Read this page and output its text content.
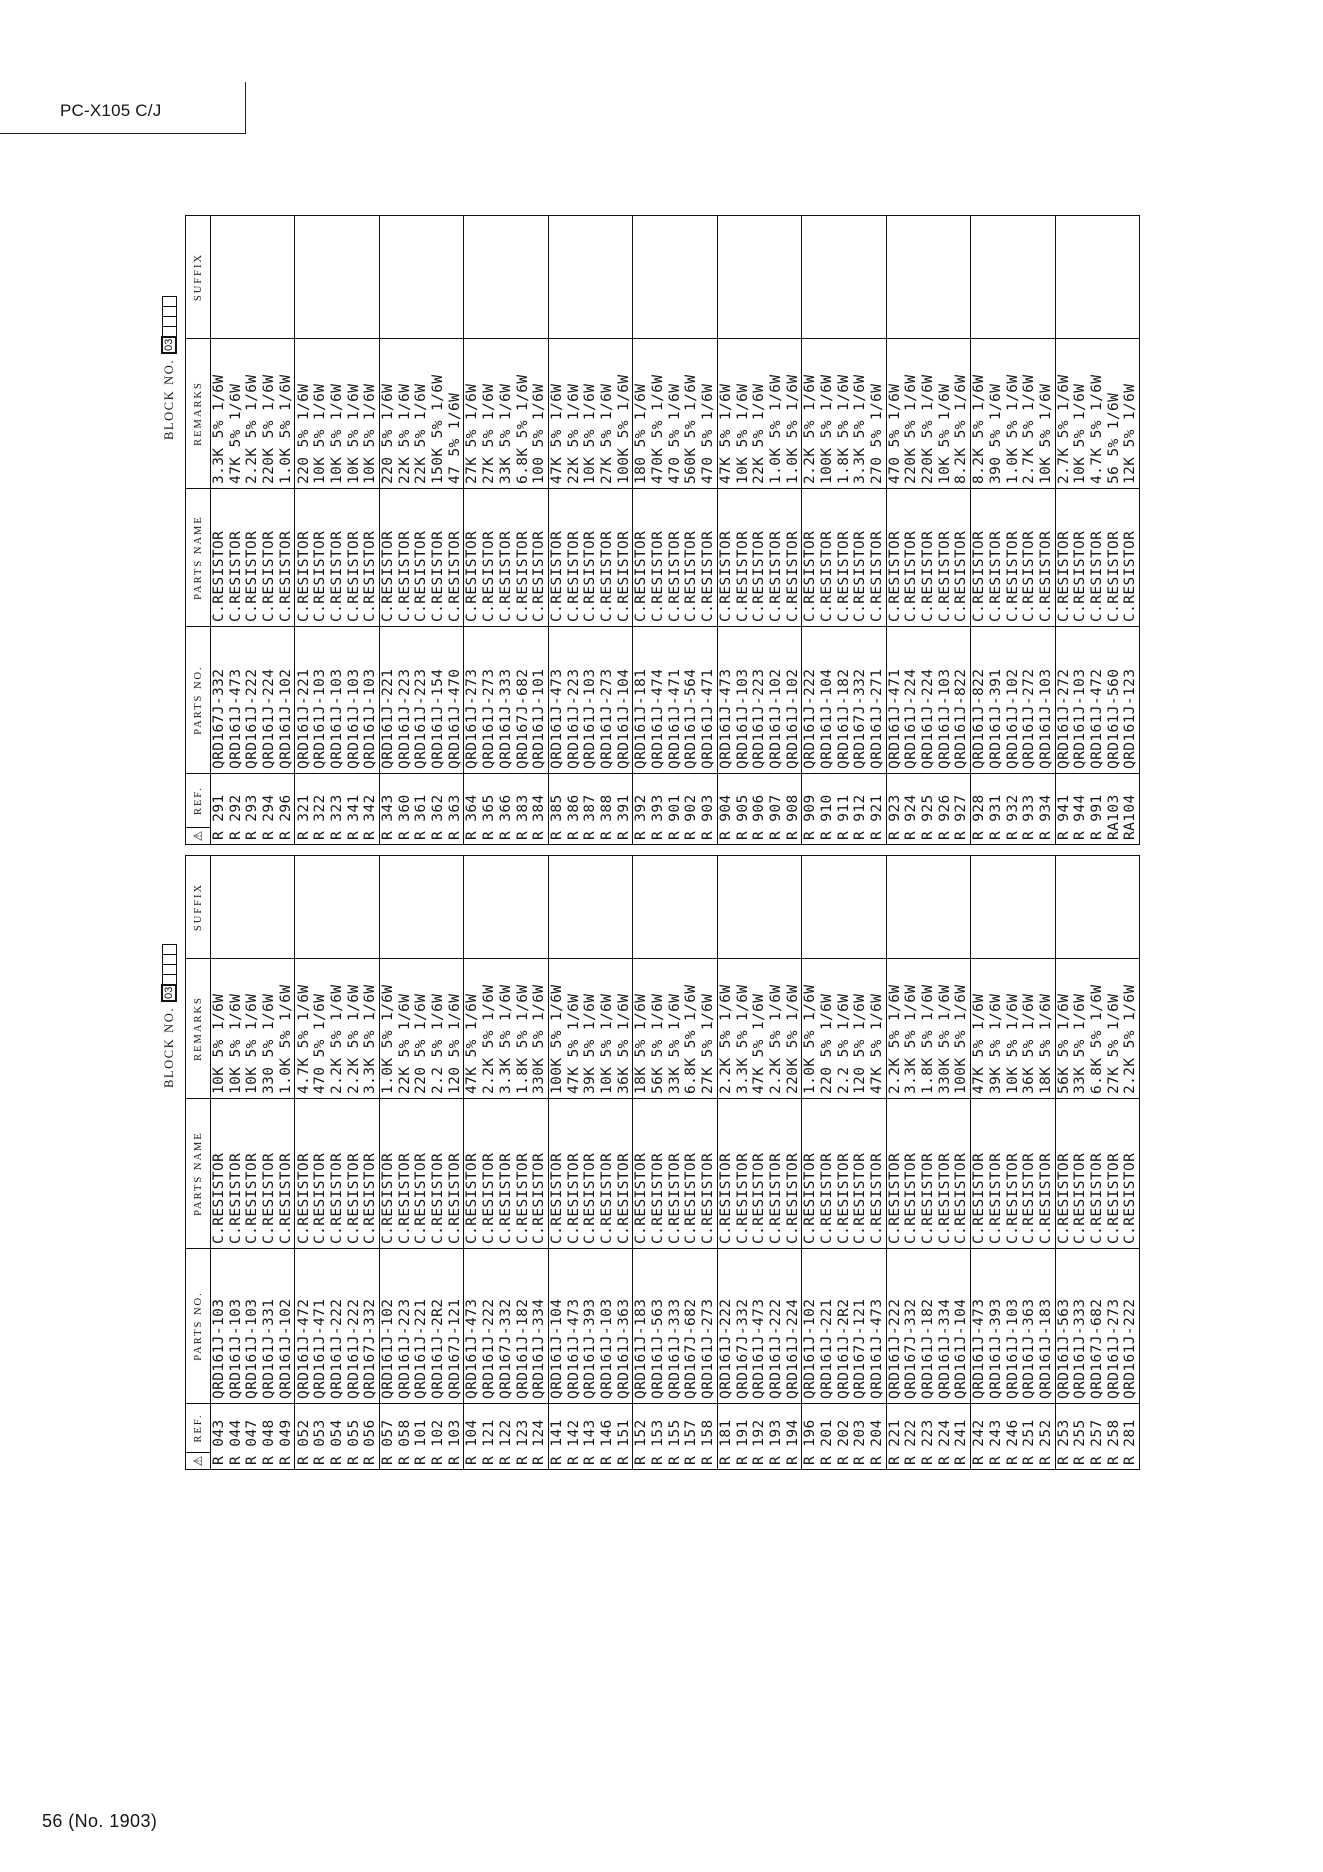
PC-X105 C/J
BLOCK NO.
03
⚠
REF.
PARTS NO.
PARTS NAME
REMARKS
SUFFIX
R 291
QRD167J-332
C.RESISTOR
3.3K 5% 1/6W
R 292
QRD161J-473
C.RESISTOR
47K 5% 1/6W
R 293
QRD161J-222
C.RESISTOR
2.2K 5% 1/6W
R 294
QRD161J-224
C.RESISTOR
220K 5% 1/6W
R 296
QRD161J-102
C.RESISTOR
1.0K 5% 1/6W
R 321
QRD161J-221
C.RESISTOR
220 5% 1/6W
R 322
QRD161J-103
C.RESISTOR
10K 5% 1/6W
R 323
QRD161J-103
C.RESISTOR
10K 5% 1/6W
R 341
QRD161J-103
C.RESISTOR
10K 5% 1/6W
R 342
QRD161J-103
C.RESISTOR
10K 5% 1/6W
R 343
QRD161J-221
C.RESISTOR
220 5% 1/6W
R 360
QRD161J-223
C.RESISTOR
22K 5% 1/6W
R 361
QRD161J-223
C.RESISTOR
22K 5% 1/6W
R 362
QRD161J-154
C.RESISTOR
150K 5% 1/6W
R 363
QRD161J-470
C.RESISTOR
47 5% 1/6W
R 364
QRD161J-273
C.RESISTOR
27K 5% 1/6W
R 365
QRD161J-273
C.RESISTOR
27K 5% 1/6W
R 366
QRD161J-333
C.RESISTOR
33K 5% 1/6W
R 383
QRD167J-682
C.RESISTOR
6.8K 5% 1/6W
R 384
QRD161J-101
C.RESISTOR
100 5% 1/6W
R 385
QRD161J-473
C.RESISTOR
47K 5% 1/6W
R 386
QRD161J-223
C.RESISTOR
22K 5% 1/6W
R 387
QRD161J-103
C.RESISTOR
10K 5% 1/6W
R 388
QRD161J-273
C.RESISTOR
27K 5% 1/6W
R 391
QRD161J-104
C.RESISTOR
100K 5% 1/6W
R 392
QRD161J-181
C.RESISTOR
180 5% 1/6W
R 393
QRD161J-474
C.RESISTOR
470K 5% 1/6W
R 901
QRD161J-471
C.RESISTOR
470 5% 1/6W
R 902
QRD161J-564
C.RESISTOR
560K 5% 1/6W
R 903
QRD161J-471
C.RESISTOR
470 5% 1/6W
R 904
QRD161J-473
C.RESISTOR
47K 5% 1/6W
R 905
QRD161J-103
C.RESISTOR
10K 5% 1/6W
R 906
QRD161J-223
C.RESISTOR
22K 5% 1/6W
R 907
QRD161J-102
C.RESISTOR
1.0K 5% 1/6W
R 908
QRD161J-102
C.RESISTOR
1.0K 5% 1/6W
R 909
QRD161J-222
C.RESISTOR
2.2K 5% 1/6W
R 910
QRD161J-104
C.RESISTOR
100K 5% 1/6W
R 911
QRD161J-182
C.RESISTOR
1.8K 5% 1/6W
R 912
QRD167J-332
C.RESISTOR
3.3K 5% 1/6W
R 921
QRD161J-271
C.RESISTOR
270 5% 1/6W
R 923
QRD161J-471
C.RESISTOR
470 5% 1/6W
R 924
QRD161J-224
C.RESISTOR
220K 5% 1/6W
R 925
QRD161J-224
C.RESISTOR
220K 5% 1/6W
R 926
QRD161J-103
C.RESISTOR
10K 5% 1/6W
R 927
QRD161J-822
C.RESISTOR
8.2K 5% 1/6W
R 928
QRD161J-822
C.RESISTOR
8.2K 5% 1/6W
R 931
QRD161J-391
C.RESISTOR
390 5% 1/6W
R 932
QRD161J-102
C.RESISTOR
1.0K 5% 1/6W
R 933
QRD161J-272
C.RESISTOR
2.7K 5% 1/6W
R 934
QRD161J-103
C.RESISTOR
10K 5% 1/6W
R 941
QRD161J-272
C.RESISTOR
2.7K 5% 1/6W
R 944
QRD161J-103
C.RESISTOR
10K 5% 1/6W
R 991
QRD161J-472
C.RESISTOR
4.7K 5% 1/6W
RA103
QRD161J-560
C.RESISTOR
56 5% 1/6W
RA104
QRD161J-123
C.RESISTOR
12K 5% 1/6W
BLOCK NO.
03
⚠
REF.
PARTS NO.
PARTS NAME
REMARKS
SUFFIX
R 043
QRD161J-103
C.RESISTOR
10K 5% 1/6W
R 044
QRD161J-103
C.RESISTOR
10K 5% 1/6W
R 047
QRD161J-103
C.RESISTOR
10K 5% 1/6W
R 048
QRD161J-331
C.RESISTOR
330 5% 1/6W
R 049
QRD161J-102
C.RESISTOR
1.0K 5% 1/6W
R 052
QRD161J-472
C.RESISTOR
4.7K 5% 1/6W
R 053
QRD161J-471
C.RESISTOR
470 5% 1/6W
R 054
QRD161J-222
C.RESISTOR
2.2K 5% 1/6W
R 055
QRD161J-222
C.RESISTOR
2.2K 5% 1/6W
R 056
QRD167J-332
C.RESISTOR
3.3K 5% 1/6W
R 057
QRD161J-102
C.RESISTOR
1.0K 5% 1/6W
R 058
QRD161J-223
C.RESISTOR
22K 5% 1/6W
R 101
QRD161J-221
C.RESISTOR
220 5% 1/6W
R 102
QRD161J-2R2
C.RESISTOR
2.2 5% 1/6W
R 103
QRD167J-121
C.RESISTOR
120 5% 1/6W
R 104
QRD161J-473
C.RESISTOR
47K 5% 1/6W
R 121
QRD161J-222
C.RESISTOR
2.2K 5% 1/6W
R 122
QRD167J-332
C.RESISTOR
3.3K 5% 1/6W
R 123
QRD161J-182
C.RESISTOR
1.8K 5% 1/6W
R 124
QRD161J-334
C.RESISTOR
330K 5% 1/6W
R 141
QRD161J-104
C.RESISTOR
100K 5% 1/6W
R 142
QRD161J-473
C.RESISTOR
47K 5% 1/6W
R 143
QRD161J-393
C.RESISTOR
39K 5% 1/6W
R 146
QRD161J-103
C.RESISTOR
10K 5% 1/6W
R 151
QRD161J-363
C.RESISTOR
36K 5% 1/6W
R 152
QRD161J-183
C.RESISTOR
18K 5% 1/6W
R 153
QRD161J-563
C.RESISTOR
56K 5% 1/6W
R 155
QRD161J-333
C.RESISTOR
33K 5% 1/6W
R 157
QRD167J-682
C.RESISTOR
6.8K 5% 1/6W
R 158
QRD161J-273
C.RESISTOR
27K 5% 1/6W
R 181
QRD161J-222
C.RESISTOR
2.2K 5% 1/6W
R 191
QRD167J-332
C.RESISTOR
3.3K 5% 1/6W
R 192
QRD161J-473
C.RESISTOR
47K 5% 1/6W
R 193
QRD161J-222
C.RESISTOR
2.2K 5% 1/6W
R 194
QRD161J-224
C.RESISTOR
220K 5% 1/6W
R 196
QRD161J-102
C.RESISTOR
1.0K 5% 1/6W
R 201
QRD161J-221
C.RESISTOR
220 5% 1/6W
R 202
QRD161J-2R2
C.RESISTOR
2.2 5% 1/6W
R 203
QRD167J-121
C.RESISTOR
120 5% 1/6W
R 204
QRD161J-473
C.RESISTOR
47K 5% 1/6W
R 221
QRD161J-222
C.RESISTOR
2.2K 5% 1/6W
R 222
QRD167J-332
C.RESISTOR
3.3K 5% 1/6W
R 223
QRD161J-182
C.RESISTOR
1.8K 5% 1/6W
R 224
QRD161J-334
C.RESISTOR
330K 5% 1/6W
R 241
QRD161J-104
C.RESISTOR
100K 5% 1/6W
R 242
QRD161J-473
C.RESISTOR
47K 5% 1/6W
R 243
QRD161J-393
C.RESISTOR
39K 5% 1/6W
R 246
QRD161J-103
C.RESISTOR
10K 5% 1/6W
R 251
QRD161J-363
C.RESISTOR
36K 5% 1/6W
R 252
QRD161J-183
C.RESISTOR
18K 5% 1/6W
R 253
QRD161J-563
C.RESISTOR
56K 5% 1/6W
R 255
QRD161J-333
C.RESISTOR
33K 5% 1/6W
R 257
QRD167J-682
C.RESISTOR
6.8K 5% 1/6W
R 258
QRD161J-273
C.RESISTOR
27K 5% 1/6W
R 281
QRD161J-222
C.RESISTOR
2.2K 5% 1/6W
56 (No. 1903)
